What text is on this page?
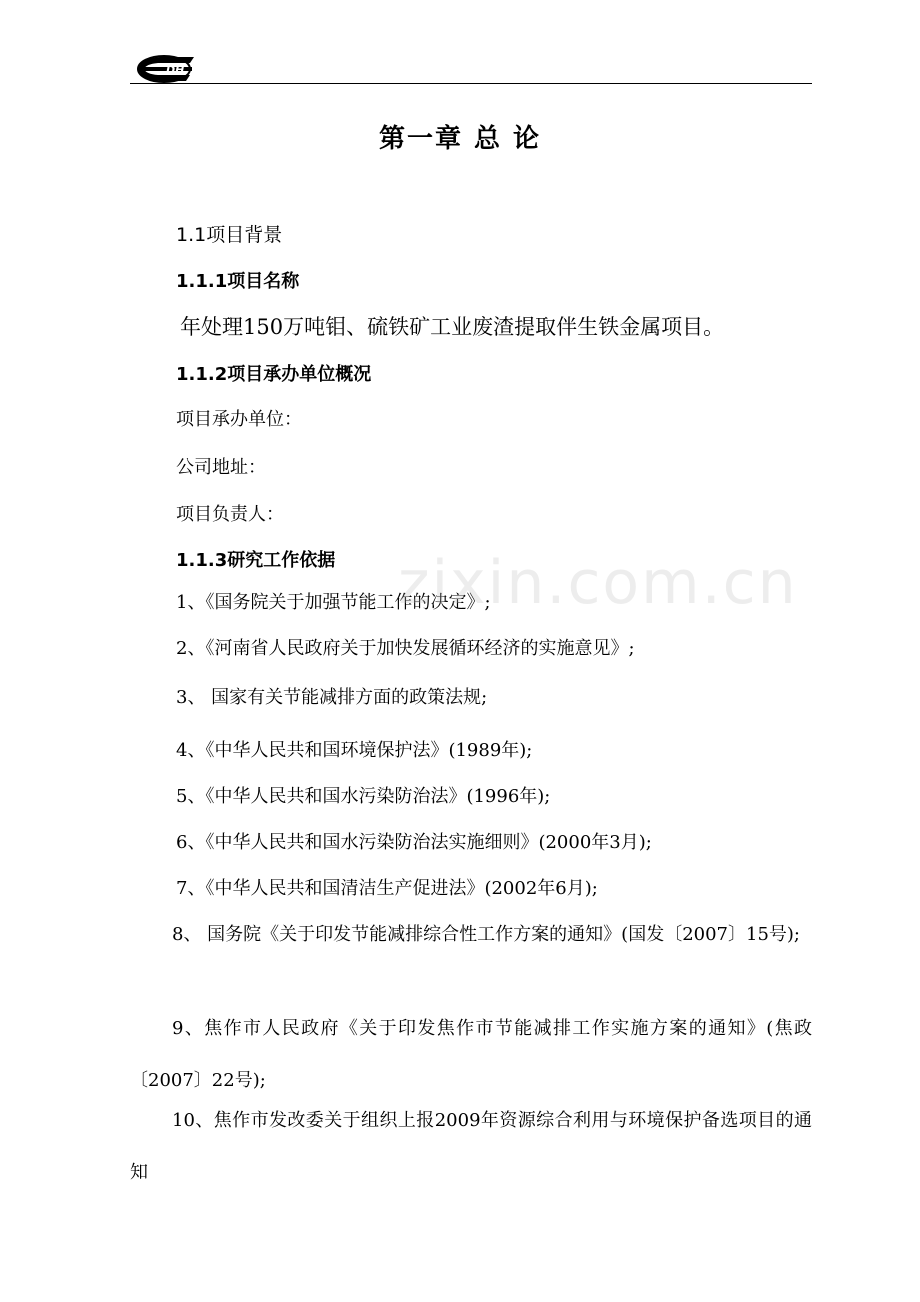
DH
第一章 总 论
1.1项目背景
1.1.1项目名称
年处理150万吨钼、硫铁矿工业废渣提取伴生铁金属项目。
1.1.2项目承办单位概况
项目承办单位：
公司地址：
项目负责人：
1.1.3研究工作依据
1、《国务院关于加强节能工作的决定》;
2、《河南省人民政府关于加快发展循环经济的实施意见》;
3、 国家有关节能减排方面的政策法规;
4、《中华人民共和国环境保护法》(1989年);
5、《中华人民共和国水污染防治法》(1996年);
6、《中华人民共和国水污染防治法实施细则》(2000年3月);
7、《中华人民共和国清洁生产促进法》(2002年6月);
8、 国务院《关于印发节能减排综合性工作方案的通知》(国发〔2007〕15号);
9、焦作市人民政府《关于印发焦作市节能减排工作实施方案的通知》(焦政〔2007〕22号);
10、焦作市发改委关于组织上报2009年资源综合利用与环境保护备选项目的通知
zixin.com.cn
